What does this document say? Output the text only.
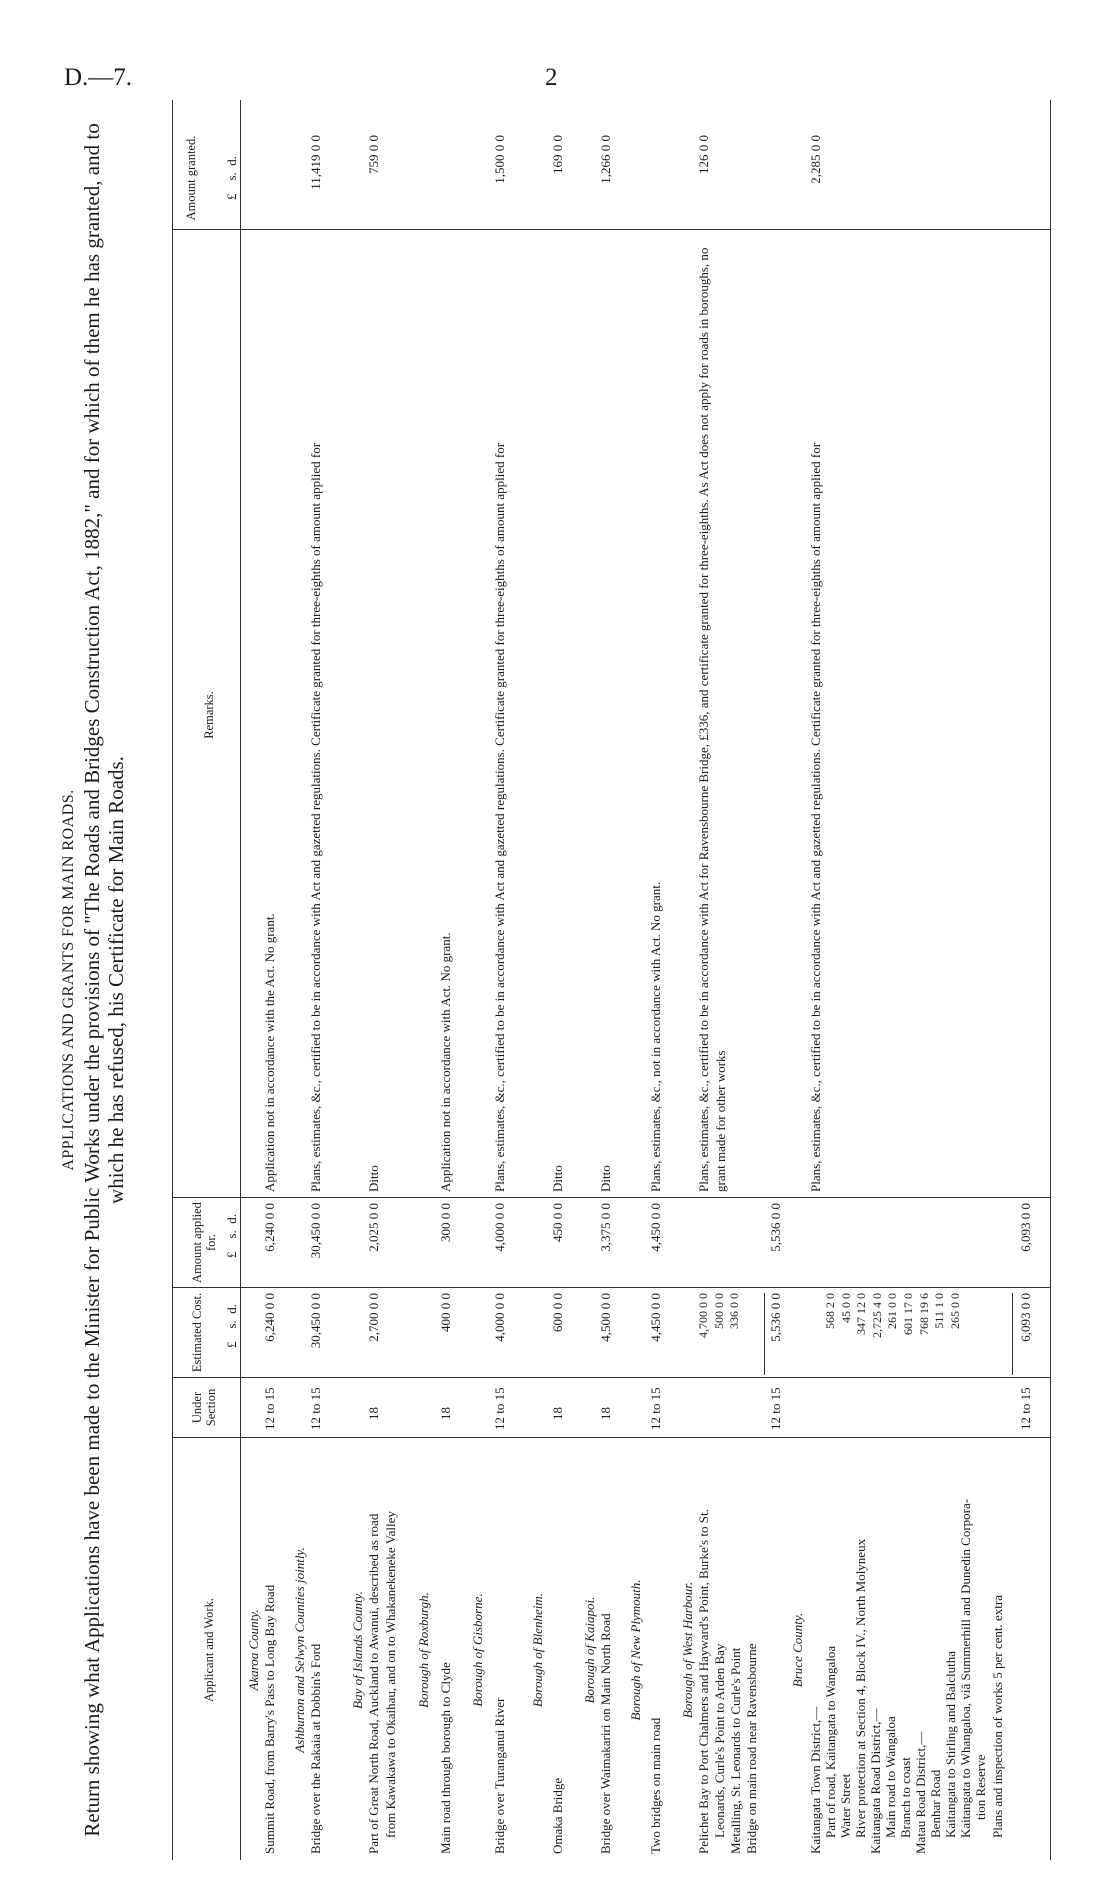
D.—7.	2
APPLICATIONS AND GRANTS FOR MAIN ROADS. Return showing what Applications have been made to the Minister for Public Works under the provisions of "The Roads and Bridges Construction Act, 1882," and for which of them he has granted, and to which he has refused, his Certificate for Main Roads.
Applicant and Work.
Under Section
Estimated Cost.
Amount applied for.
Remarks.
Amount granted.
£    s.  d.
£    s.  d.
£    s.  d.
Akaroa County. Summit Road, from Barry's Pass to Long Bay Road
12 to 15
6,240 0 0
6,240 0 0
Application not in accordance with the Act. No grant.
Ashburton and Selwyn Counties jointly. Bridge over the Rakaia at Dobbin's Ford
12 to 15
30,450 0 0
30,450 0 0
Plans, estimates, &c., certified to be in accordance with Act and gazetted regulations. Certificate granted for three-eighths of amount applied for
11,419 0 0
Bay of Islands County. Part of Great North Road, Auckland to Awanui, described as road from Kawakawa to Okaihau, and on to Whakanekeneke Valley
18
2,700 0 0
2,025 0 0
Ditto
759 0 0
Borough of Roxburgh.
Main road through borough to Clyde
18
400 0 0
300 0 0
Application not in accordance with Act. No grant.
Borough of Gisborne.
Bridge over Turanganui River
12 to 15
4,000 0 0
4,000 0 0
Plans, estimates, &c., certified to be in accordance with Act and gazetted regulations. Certificate granted for three-eighths of amount applied for
1,500 0 0
Borough of Blenheim.
Omaka Bridge
18
600 0 0
450 0 0
Ditto
169 0 0
Borough of Kaiapoi. Bridge over Waimakariri on Main North Road
18
4,500 0 0
3,375 0 0
Ditto
1,266 0 0
Borough of New Plymouth.
Two bridges on main road
12 to 15
4,450 0 0
4,450 0 0
Plans, estimates, &c., not in accordance with Act. No grant.
Borough of West Harbour. Pelichet Bay to Port Chalmers and Hayward's Point, Burke's to St. Leonards, Curle's Point to Arden Bay Metalling, St. Leonards to Curle's Point Bridge on main road near Ravensbourne
4,700 0 0
500 0 0
336 0 0
Plans, estimates, &c., certified to be in accordance with Act for Ravensbourne Bridge, £336, and certificate granted for three-eighths. As Act does not apply for roads in boroughs, no grant made for other works
126 0 0
12 to 15
5,536 0 0
5,536 0 0
Bruce County.
Kaitangata Town District,— Part of road, Kaitangata to Wangaloa Water Street River protection at Section 4, Block IV., North Molyneux Kaitangata Road District,— Main road to Wangaloa Branch to coast Matau Road District,— Benhar Road Kaitangata to Stirling and Balclutha Kaitangata to Whangaloa, viâ Summerhill and Dunedin Corpora- tion Reserve Plans and inspection of works 5 per cent. extra
568 2 0
45 0 0
347 12 0
2,725 4 0
261 0 0
601 17 0
768 19 6
511 1 0
265 0 0
Plans, estimates, &c., certified to be in accordance with Act and gazetted regulations. Certificate granted for three-eighths of amount applied for
2,285 0 0
12 to 15
6,093 0 0
6,093 0 0
